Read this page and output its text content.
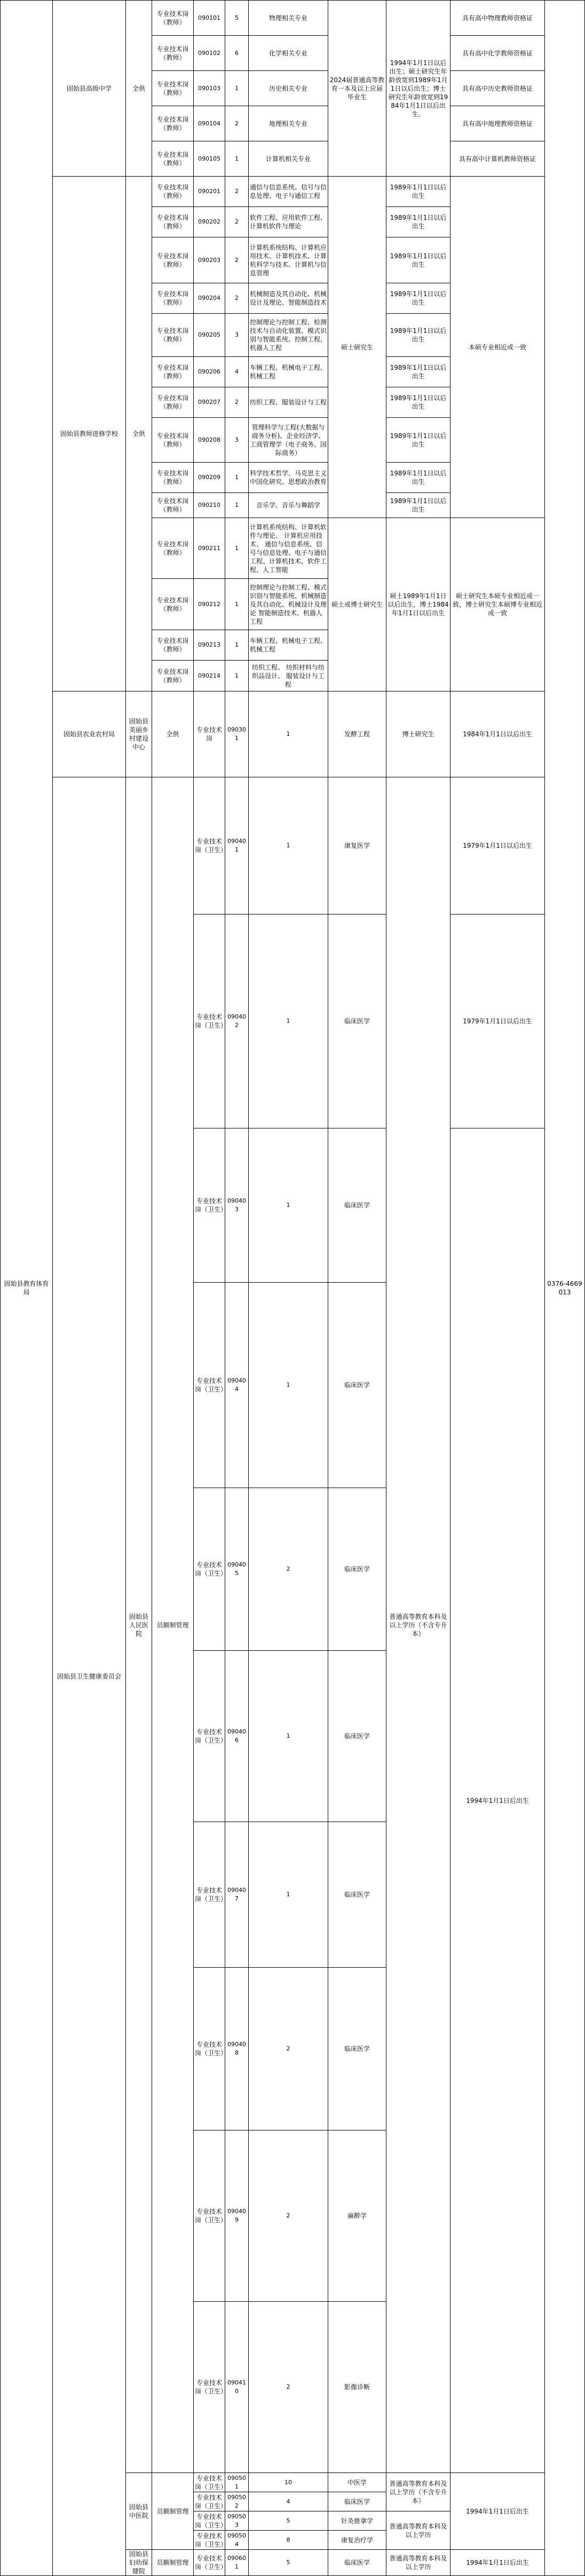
固始县教育体育局	固始县高级中学	全供	专业技术岗（教师）	090101	5	物理相关专业	2024届普通高等教育一本及以上应届毕业生	1994年1月1日以后出生；硕士研究生年龄放宽到1989年1月1日以后出生；博士研究生年龄放宽到1984年1月1日以后出生。	具有高中物理教师资格证	0376-4669013	
			专业技术岗（教师）	090102	6	化学相关专业			具有高中化学教师资格证		
			专业技术岗（教师）	090103	1	历史相关专业			具有高中历史教师资格证		
			专业技术岗（教师）	090104	2	地理相关专业			具有高中地理教师资格证		
			专业技术岗（教师）	090105	1	计算机相关专业			具有高中计算机教师资格证		
	固始县教师进修学校	全供	专业技术岗（教师）	090201	2	通信与信息系统、信号与信息处理、电子与通信工程	硕士研究生	1989年1月1日以后出生	本硕专业相近或一致		
			专业技术岗（教师）	090202	2	软件工程、应用软件工程、计算机软件与理论		1989年1月1日以后出生			
			专业技术岗（教师）	090203	2	计算机系统结构、计算机应用技术、计算机技术、计算机科学与技术、计算机与信息管理		1989年1月1日以后出生			
			专业技术岗（教师）	090204	2	机械制造及其自动化、机械设计及理论、智能制造技术		1989年1月1日以后出生			
			专业技术岗（教师）	090205	3	控制理论与控制工程、检测技术与自动化装置、模式识别与智能系统、控制工程、机器人工程		1989年1月1日以后出生			
			专业技术岗（教师）	090206	4	车辆工程、机械电子工程、机械工程		1989年1月1日以后出生			
			专业技术岗（教师）	090207	2	纺织工程、服装设计与工程		1989年1月1日以后出生			
			专业技术岗（教师）	090208	3	管理科学与工程(大数据与商务分析)、企业经济学、工商管理学（电子商务、国际商务）		1989年1月1日以后出生			
			专业技术岗（教师）	090209	1	科学技术哲学、马克思主义中国化研究、思想政治教育		1989年1月1日以后出生			
			专业技术岗（教师）	090210	1	音乐学、音乐与舞蹈学		1989年1月1日以后出生			
			专业技术岗（教师）	090211	1	计算机系统结构、计算机软件与理论、 计算机应用技术、 通信与信息系统、信号与信息处理、电子与通信工程、计算机技术、软件工程、人工智能	硕士或博士研究生	硕士1989年1月1日以后出生，博士1984年1月1日以后出生	硕士研究生本硕专业相近或一致，博士研究生本硕博专业相近或一致		
			专业技术岗（教师）	090212	1	控制理论与控制工程、模式识别与智能系统、机械制造及其自动化、机械设计及理论 智能制造技术、机器人工程					
			专业技术岗（教师）	090213	1	车辆工程、机械电子工程、机械工程					
			专业技术岗（教师）	090214	1	纺织工程、 纺织材料与纺织品设计、 服装设计与工程					
	固始县农业农村局	固始县美丽乡村建设中心	全供	专业技术岗	090301	1	发酵工程	博士研究生	1984年1月1日以后出生	
	固始县卫生健康委员会	固始县人民医院	员额制管理	专业技术岗（卫生）	090401	1	康复医学	普通高等教育本科及以上学历（不含专升本）	1979年1月1日以后出生	
				专业技术岗（卫生）	090402	1	临床医学		1979年1月1日以后出生	
				专业技术岗（卫生）	090403	1	临床医学		1994年1月1日后出生	
				专业技术岗（卫生）	090404	1	临床医学	
				专业技术岗（卫生）	090405	2	临床医学	
				专业技术岗（卫生）	090406	1	临床医学	
				专业技术岗（卫生）	090407	1	临床医学	
				专业技术岗（卫生）	090408	2	临床医学	
				专业技术岗（卫生）	090409	2	麻醉学	
				专业技术岗（卫生）	090410	2	影像诊断	
		固始县中医院	员额制管理	专业技术岗（卫生）	090501	10	中医学	普通高等教育本科及以上学历（不含专升本）	1994年1月1日后出生		
				专业技术岗（卫生）	090502	4	临床医学				
				专业技术岗（卫生）	090503	5	针灸推拿学	普通高等教育本科及以上学历			
				专业技术岗（卫生）	090504	8	康复治疗学				
		固始县妇幼保健院	员额制管理	专业技术岗（卫生）	090601	5	临床医学	普通高等教育本科及以上学历	1994年1月1日后出生		
